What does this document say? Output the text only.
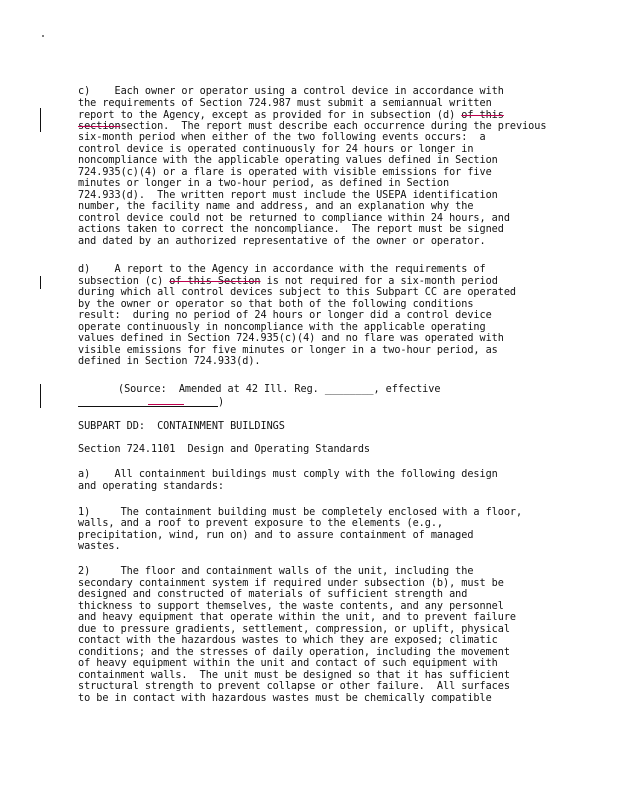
c)    Each owner or operator using a control device in accordance with
the requirements of Section 724.987 must submit a semiannual written
report to the Agency, except as provided for in subsection (d) of this
sectionsection.  The report must describe each occurrence during the previous
six-month period when either of the two following events occurs:  a
control device is operated continuously for 24 hours or longer in
noncompliance with the applicable operating values defined in Section
724.935(c)(4) or a flare is operated with visible emissions for five
minutes or longer in a two-hour period, as defined in Section
724.933(d).  The written report must include the USEPA identification
number, the facility name and address, and an explanation why the
control device could not be returned to compliance within 24 hours, and
actions taken to correct the noncompliance.  The report must be signed
and dated by an authorized representative of the owner or operator.
d)    A report to the Agency in accordance with the requirements of
subsection (c) of this Section is not required for a six-month period
during which all control devices subject to this Subpart CC are operated
by the owner or operator so that both of the following conditions
result:  during no period of 24 hours or longer did a control device
operate continuously in noncompliance with the applicable operating
values defined in Section 724.935(c)(4) and no flare was operated with
visible emissions for five minutes or longer in a two-hour period, as
defined in Section 724.933(d).
(Source:  Amended at 42 Ill. Reg. ________, effective
)
SUBPART DD:  CONTAINMENT BUILDINGS
Section 724.1101  Design and Operating Standards
a)    All containment buildings must comply with the following design
and operating standards:
1)     The containment building must be completely enclosed with a floor,
walls, and a roof to prevent exposure to the elements (e.g.,
precipitation, wind, run on) and to assure containment of managed
wastes.
2)     The floor and containment walls of the unit, including the
secondary containment system if required under subsection (b), must be
designed and constructed of materials of sufficient strength and
thickness to support themselves, the waste contents, and any personnel
and heavy equipment that operate within the unit, and to prevent failure
due to pressure gradients, settlement, compression, or uplift, physical
contact with the hazardous wastes to which they are exposed; climatic
conditions; and the stresses of daily operation, including the movement
of heavy equipment within the unit and contact of such equipment with
containment walls.  The unit must be designed so that it has sufficient
structural strength to prevent collapse or other failure.  All surfaces
to be in contact with hazardous wastes must be chemically compatible
